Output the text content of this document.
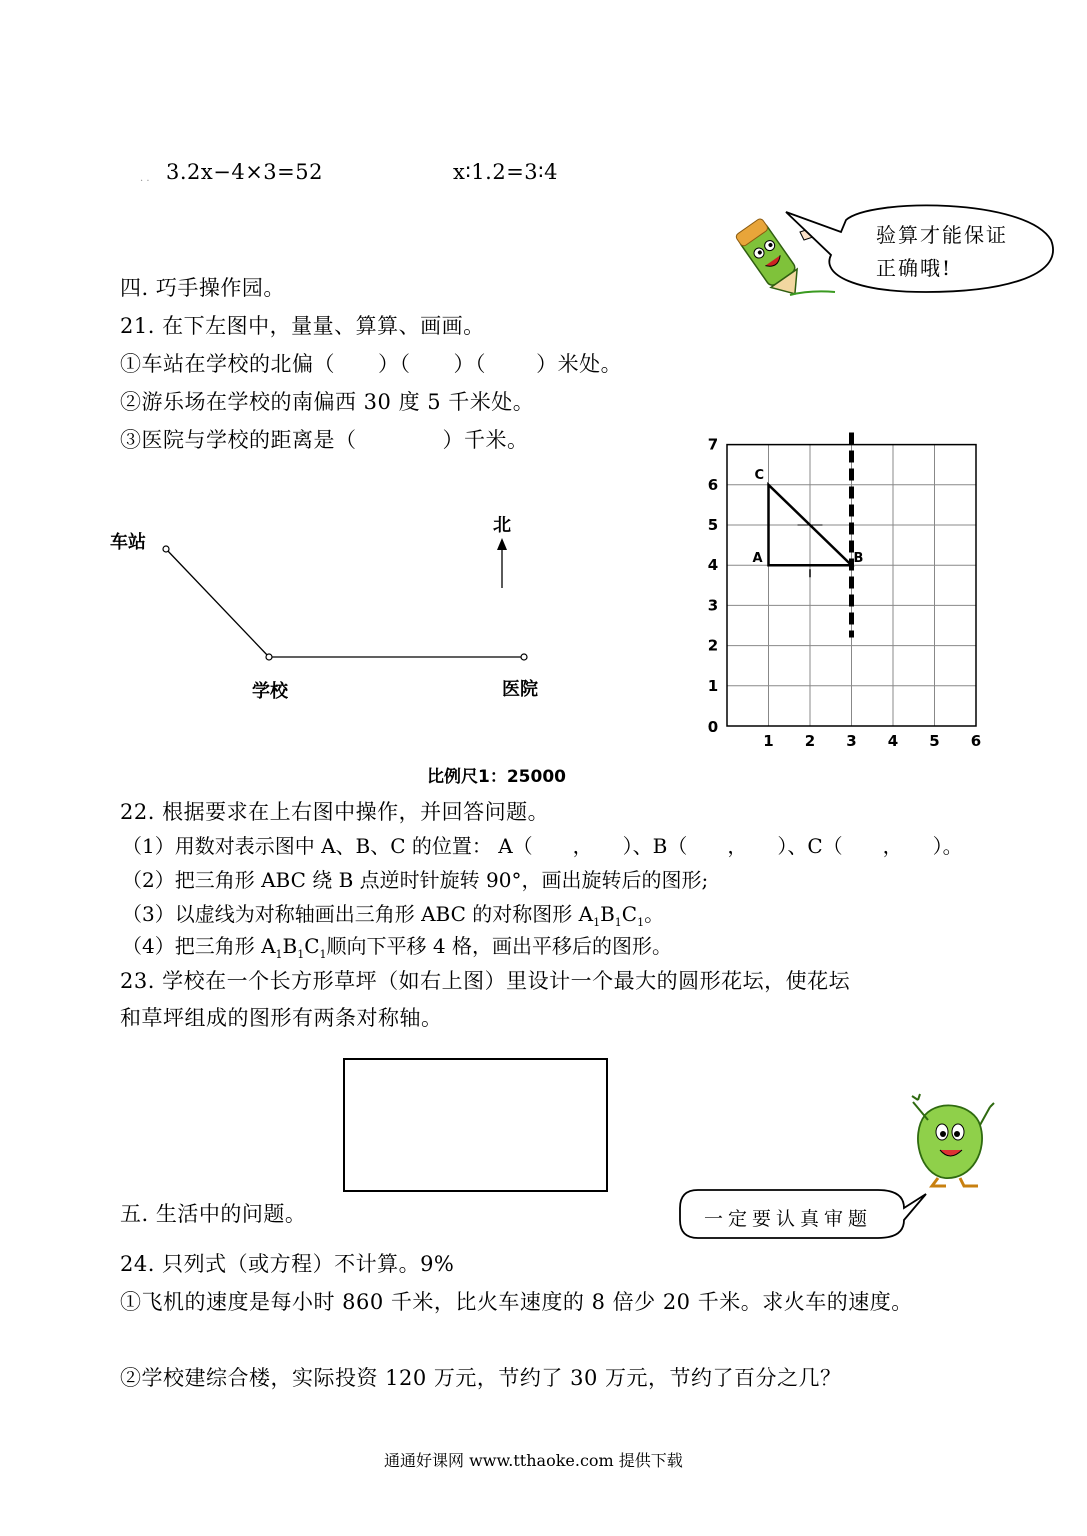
3.2x−4×3=52	x∶1.2=3∶4
· ·
验算才能保证
正确哦!
四. 巧手操作园。
21. 在下左图中，量量、算算、画画。
①车站在学校的北偏（　　）（　　）（　　 ）米处。
②游乐场在学校的南偏西 30 度 5 千米处。
③医院与学校的距离是（　　　　）千米。
车站
学校	医院
北
比例尺1：25000
0
1 2 3 4 5 6
1
2
3
4
5
6
7
A	B
C
22. 根据要求在上右图中操作，并回答问题。
（1）用数对表示图中 A、B、C 的位置： A（　　，　　）、B（　　，　　）、C（　　，　　）。
（2）把三角形 ABC 绕 B 点逆时针旋转 90°，画出旋转后的图形;
（3）以虚线为对称轴画出三角形 ABC 的对称图形 $A_1B_1C_1$。
（4）把三角形 $A_1B_1C_1$顺向下平移 4 格，画出平移后的图形。
23. 学校在一个长方形草坪（如右上图）里设计一个最大的圆形花坛，使花坛
和草坪组成的图形有两条对称轴。
一定要认真审题
五. 生活中的问题。
24. 只列式（或方程）不计算。9%
①飞机的速度是每小时 860 千米，比火车速度的 8 倍少 20 千米。求火车的速度。
②学校建综合楼，实际投资 120 万元，节约了 30 万元，节约了百分之几？
通通好课网 www.tthaoke.com 提供下载
